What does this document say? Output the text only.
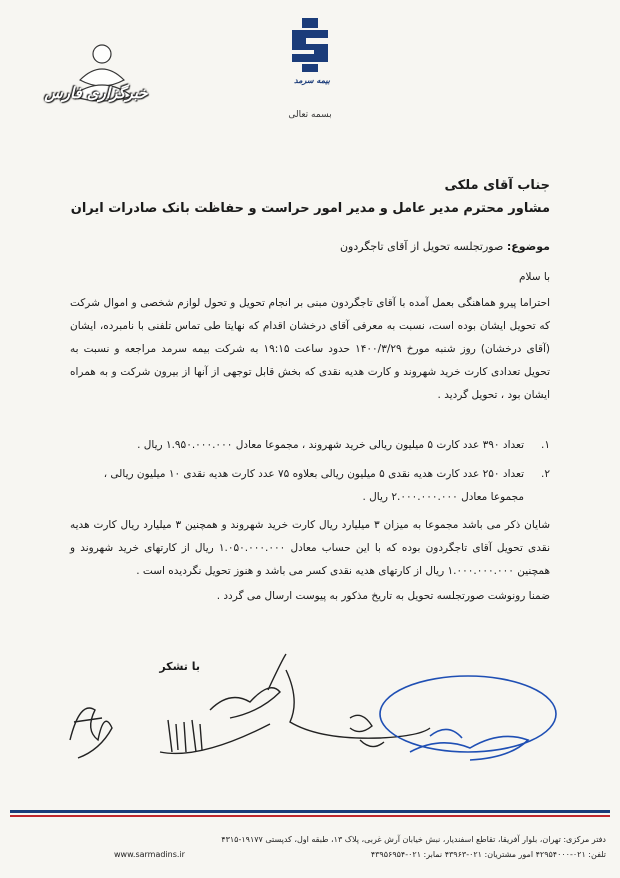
بیمه سرمد
بسمه تعالی
خبرگزاری فارس
جناب آقای ملکی
مشاور محترم مدیر عامل و مدیر امور حراست و حفاظت بانک صادرات ایران
موضوع: صورتجلسه تحویل از آقای تاجگردون
با سلام

احتراما پیرو هماهنگی بعمل آمده با آقای تاجگردون مبنی بر انجام تحویل و تحول لوازم شخصی و اموال شرکت که تحویل ایشان بوده است، نسبت به معرفی آقای درخشان اقدام که نهایتا طی تماس تلفنی با نامبرده، ایشان (آقای درخشان) روز شنبه مورخ ۱۴۰۰/۳/۲۹ حدود ساعت ۱۹:۱۵ به شرکت بیمه سرمد مراجعه و نسبت به تحویل تعدادی کارت خرید شهروند و کارت هدیه نقدی که بخش قابل توجهی از آنها از بیرون شرکت و به همراه ایشان بود ، تحویل گردید .

۱.
تعداد ۳۹۰ عدد کارت ۵ میلیون ریالی خرید شهروند ، مجموعا معادل ۱.۹۵۰.۰۰۰.۰۰۰ ریال .
۲.
تعداد ۲۵۰ عدد کارت هدیه نقدی ۵ میلیون ریالی بعلاوه ۷۵ عدد کارت هدیه نقدی ۱۰ میلیون ریالی ، مجموعا معادل ۲.۰۰۰.۰۰۰.۰۰۰ ریال .

شایان ذکر می باشد مجموعا به میزان ۳ میلیارد ریال کارت خرید شهروند و همچنین ۳ میلیارد ریال کارت هدیه نقدی تحویل آقای تاجگردون بوده که با این حساب معادل ۱.۰۵۰.۰۰۰.۰۰۰ ریال از کارتهای خرید شهروند و همچنین ۱.۰۰۰.۰۰۰.۰۰۰ ریال از کارتهای هدیه نقدی کسر می باشد و هنوز تحویل نگردیده است .

ضمنا رونوشت صورتجلسه تحویل به تاریخ مذکور به پیوست ارسال می گردد .

با تشکر
دفتر مرکزی: تهران، بلوار آفریقا، تقاطع اسفندیار، نبش خیابان آرش غربی، پلاک ۱۳، طبقه اول، کدپستی ۱۹۱۷۷-۴۳۱۵
www.sarmadins.ir	تلفن: ۰۲۱-۴۲۹۵۴۰۰۰ امور مشتریان: ۰۲۱-۴۳۹۶۳ نمابر: ۰۲۱-۴۳۹۵۶۹۵۴
